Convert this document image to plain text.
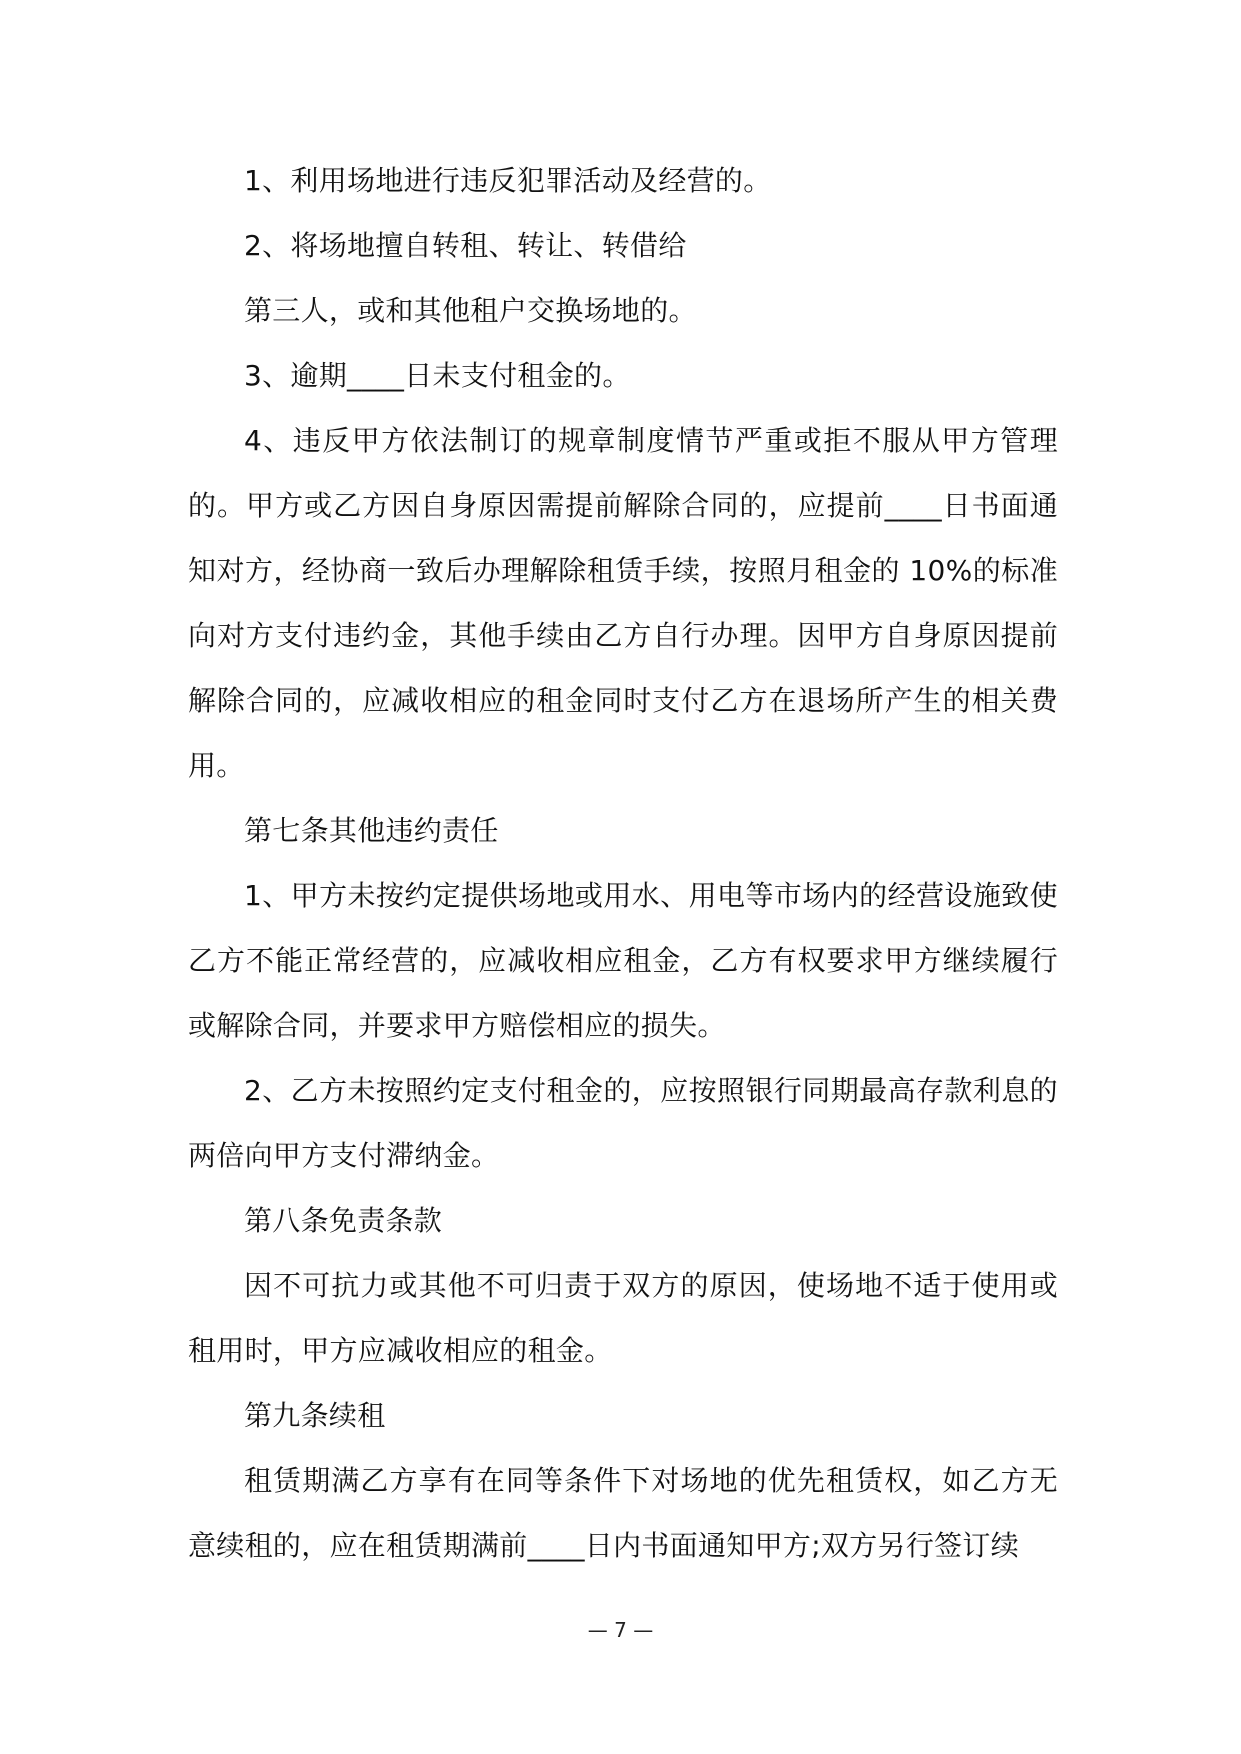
1、利用场地进行违反犯罪活动及经营的。

2、将场地擅自转租、转让、转借给

第三人，或和其他租户交换场地的。

3、逾期____日未支付租金的。

4、违反甲方依法制订的规章制度情节严重或拒不服从甲方管理的。甲方或乙方因自身原因需提前解除合同的，应提前____日书面通知对方，经协商一致后办理解除租赁手续，按照月租金的 10%的标准向对方支付违约金，其他手续由乙方自行办理。因甲方自身原因提前解除合同的，应减收相应的租金同时支付乙方在退场所产生的相关费用。

第七条其他违约责任

1、甲方未按约定提供场地或用水、用电等市场内的经营设施致使乙方不能正常经营的，应减收相应租金，乙方有权要求甲方继续履行或解除合同，并要求甲方赔偿相应的损失。

2、乙方未按照约定支付租金的，应按照银行同期最高存款利息的两倍向甲方支付滞纳金。

第八条免责条款

因不可抗力或其他不可归责于双方的原因，使场地不适于使用或租用时，甲方应减收相应的租金。

第九条续租

租赁期满乙方享有在同等条件下对场地的优先租赁权，如乙方无意续租的，应在租赁期满前____日内书面通知甲方;双方另行签订续

— 7 —
